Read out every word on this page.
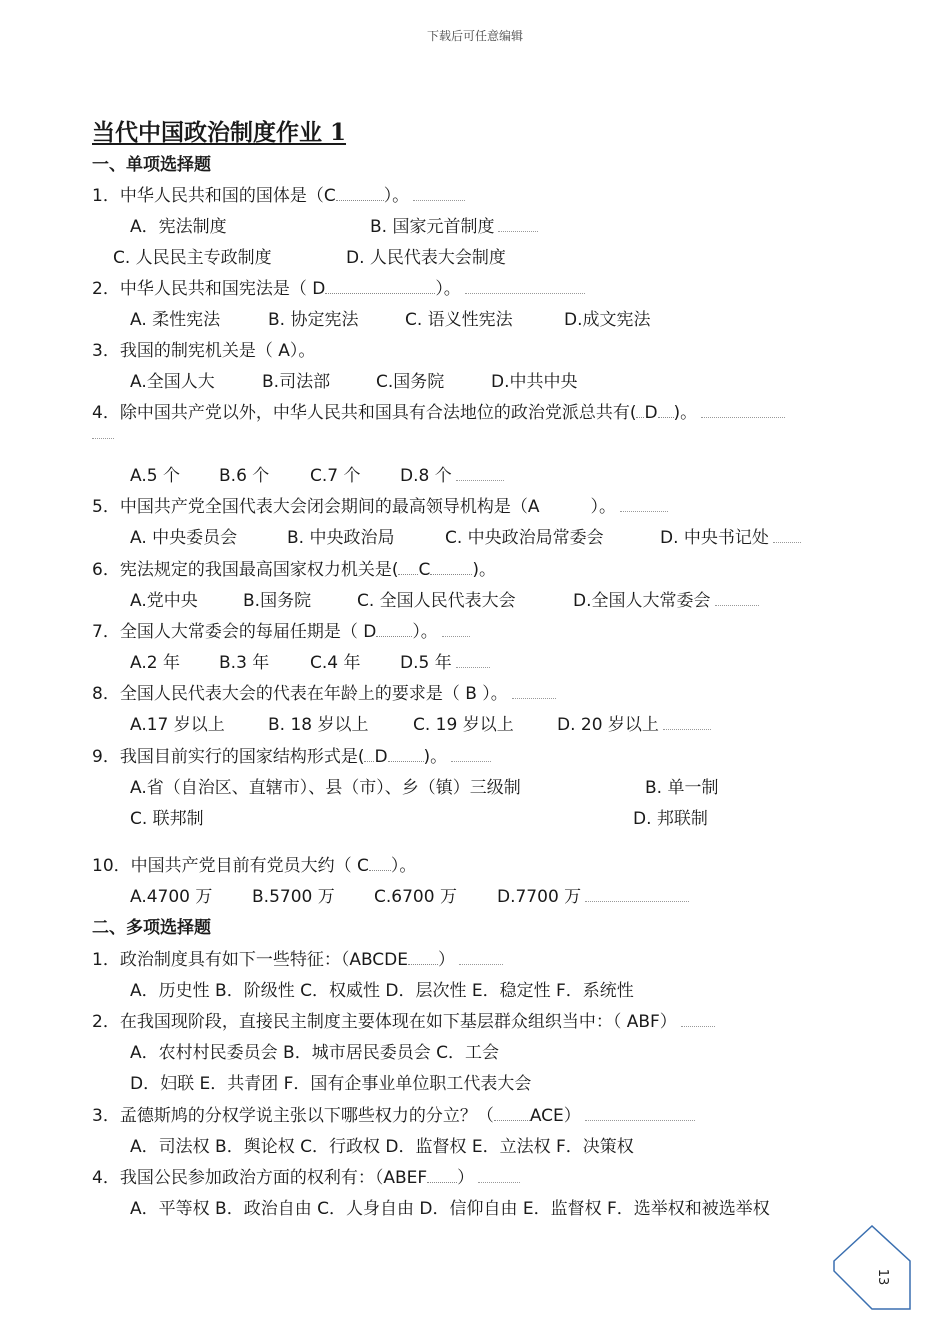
下载后可任意编辑
当代中国政治制度作业 1
一、单项选择题
1．中华人民共和国的国体是（C	）。
A．宪法制度	B. 国家元首制度
C. 人民民主专政制度	D. 人民代表大会制度
2．中华人民共和国宪法是（ D	）。
A. 柔性宪法	B. 协定宪法	C. 语义性宪法	D.成文宪法
3．我国的制宪机关是（ A）。
A.全国人大	B.司法部	C.国务院	D.中共中央
4．除中国共产党以外，中华人民共和国具有合法地位的政治党派总共有( D )。
A.5 个 B.6 个 C.7 个 D.8 个
5．中国共产党全国代表大会闭会期间的最高领导机构是（A　　　）。
A. 中央委员会	B. 中央政治局	C. 中央政治局常委会	D. 中央书记处
6．宪法规定的我国最高国家权力机关是( C )。
A.党中央	B.国务院	C. 全国人民代表大会	D.全国人大常委会
7．全国人大常委会的每届任期是（ D ）。
A.2 年 B.3 年 C.4 年 D.5 年
8．全国人民代表大会的代表在年龄上的要求是（ B ）。
A.17 岁以上	B. 18 岁以上	C. 19 岁以上	D. 20 岁以上
9．我国目前实行的国家结构形式是( D )。
A.省（自治区、直辖市）、县（市）、乡（镇）三级制	B. 单一制
C. 联邦制	D. 邦联制
10．中国共产党目前有党员大约（ C ）。
A.4700 万 B.5700 万 C.6700 万 D.7700 万
二、多项选择题
1．政治制度具有如下一些特征：（ABCDE ）
A．历史性 B．阶级性 C．权威性 D．层次性 E．稳定性 F．系统性
2．在我国现阶段，直接民主制度主要体现在如下基层群众组织当中：（ ABF）
A．农村村民委员会 B．城市居民委员会 C．工会
D．妇联 E．共青团 F．国有企事业单位职工代表大会
3．孟德斯鸠的分权学说主张以下哪些权力的分立？（ ACE）
A．司法权 B．舆论权 C．行政权 D．监督权 E．立法权 F．决策权
4．我国公民参加政治方面的权利有：（ABEF ）
A．平等权 B．政治自由 C．人身自由 D．信仰自由 E．监督权 F．选举权和被选举权
13
